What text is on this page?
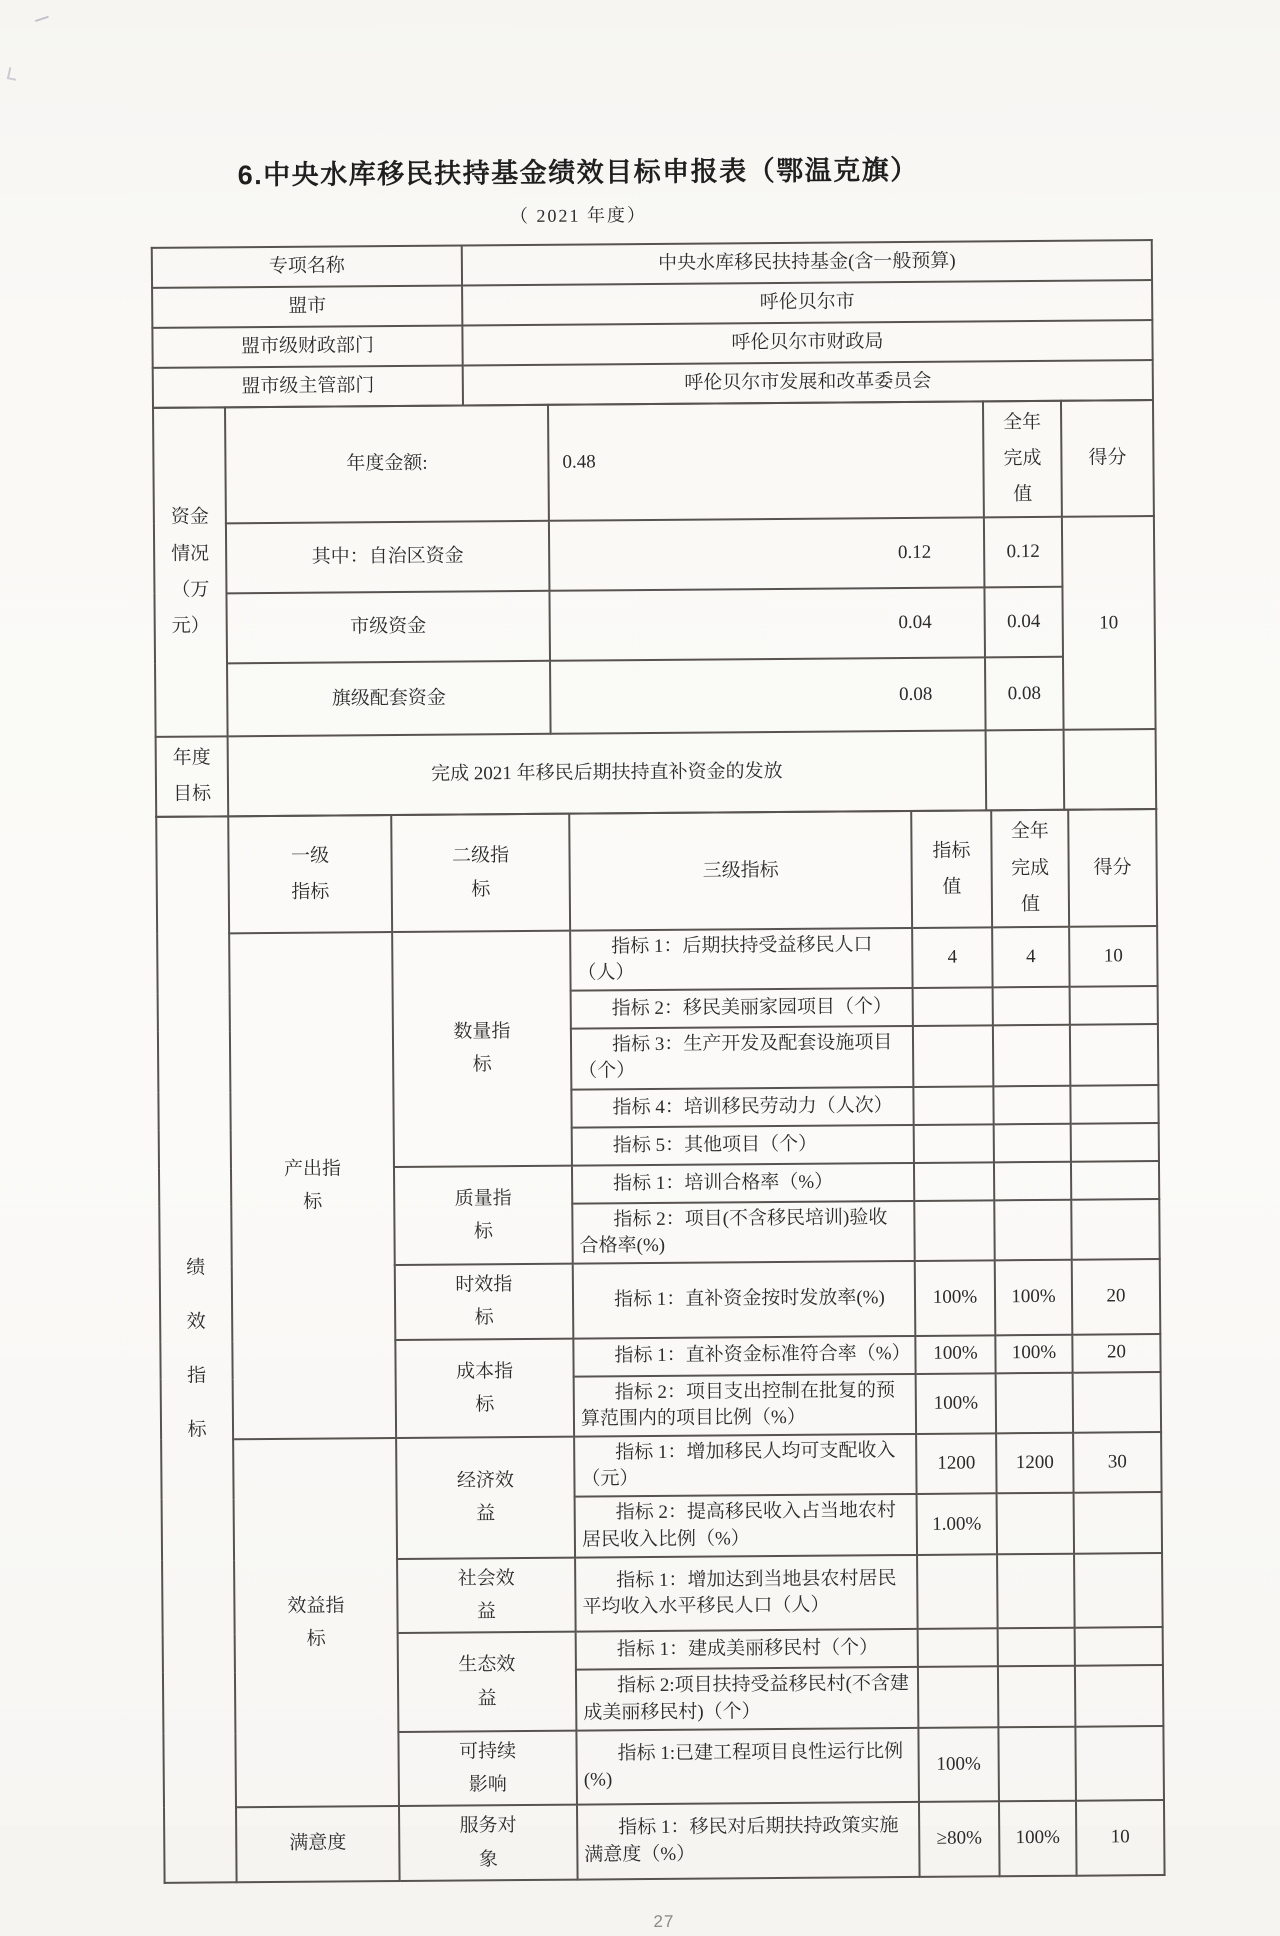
6.中央水库移民扶持基金绩效目标申报表（鄂温克旗）
（ 2021 年度）
专项名称	中央水库移民扶持基金(含一般预算)
盟市	呼伦贝尔市
盟市级财政部门	呼伦贝尔市财政局
盟市级主管部门	呼伦贝尔市发展和改革委员会
资金情况（万元）	年度金额:	0.48	全年完成值	得分
	其中：自治区资金	0.12	0.12	10
	市级资金	0.04	0.04	
	旗级配套资金	0.08	0.08	

年度目标	完成 2021 年移民后期扶持直补资金的发放			
绩效指标	一级指标	二级指标	三级指标	指标值	全年完成值	得分

	产出指标	数量指标	指标 1：后期扶持受益移民人口（人）	4	4	10
			指标 2：移民美丽家园项目（个）			
			指标 3：生产开发及配套设施项目（个）			
			指标 4：培训移民劳动力（人次）			
			指标 5：其他项目（个）			

		质量指标	指标 1：培训合格率（%）			
			指标 2：项目(不含移民培训)验收合格率(%)			

		时效指标	指标 1：直补资金按时发放率(%)	100%	100%	20

		成本指标	指标 1：直补资金标准符合率（%）	100%	100%	20
			指标 2：项目支出控制在批复的预算范围内的项目比例（%）	100%		

	效益指标	经济效益	指标 1：增加移民人均可支配收入（元）	1200	1200	30
			指标 2：提高移民收入占当地农村居民收入比例（%）	1.00%		

		社会效益	指标 1：增加达到当地县农村居民平均收入水平移民人口（人）			

		生态效益	指标 1：建成美丽移民村（个）			
			指标 2:项目扶持受益移民村(不含建成美丽移民村)（个）			

		可持续影响	指标 1:已建工程项目良性运行比例(%)	100%		
	满意度	服务对象	指标 1：移民对后期扶持政策实施满意度（%）	≥80%	100%	10
27
